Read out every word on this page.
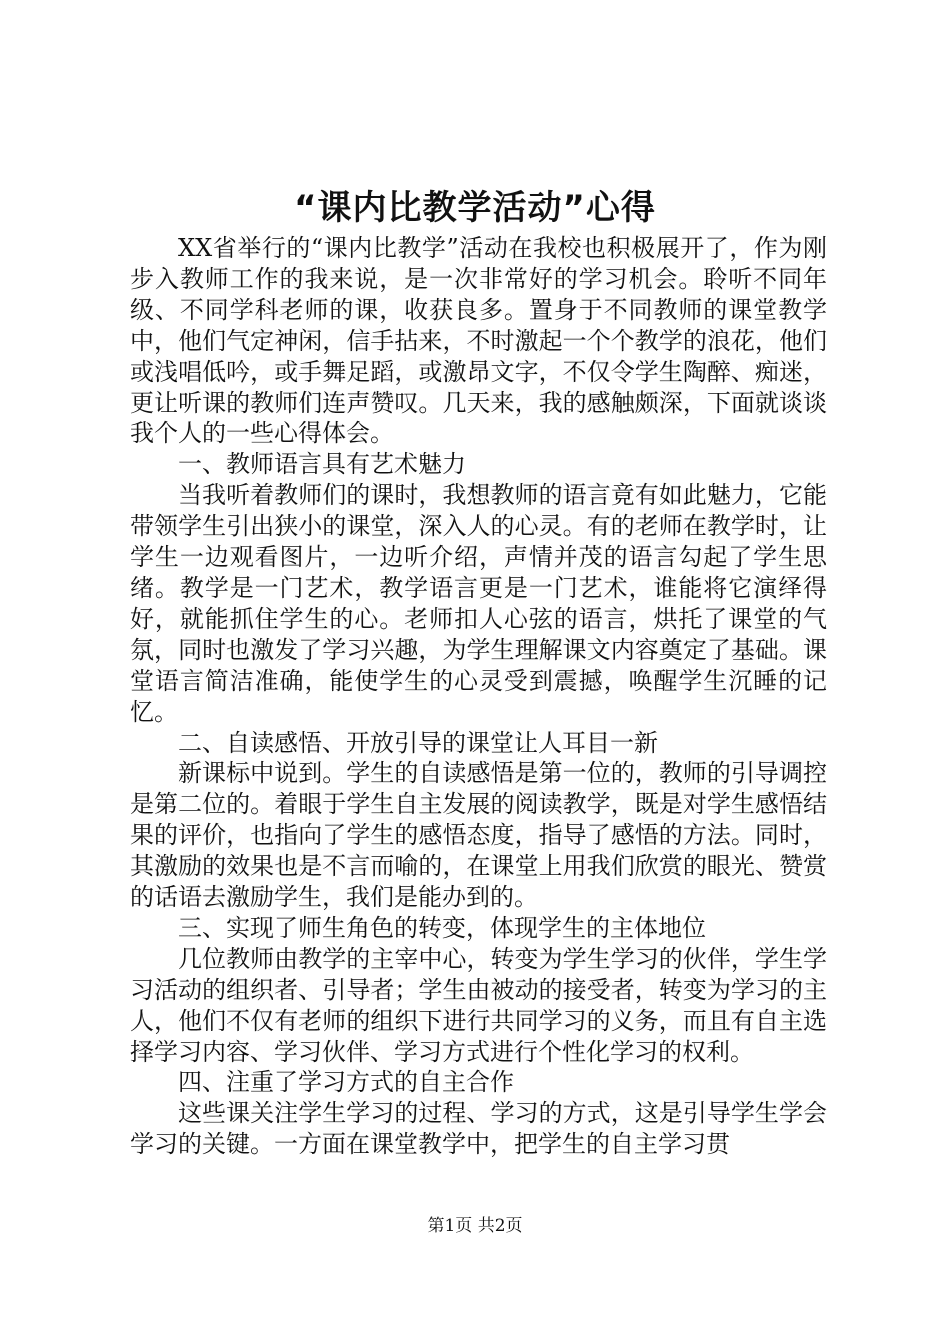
“课内比教学活动”心得

XX省举行的“课内比教学”活动在我校也积极展开了，作为刚步入教师工作的我来说，是一次非常好的学习机会。聆听不同年级、不同学科老师的课，收获良多。置身于不同教师的课堂教学中，他们气定神闲，信手拈来，不时激起一个个教学的浪花，他们或浅唱低吟，或手舞足蹈，或激昂文字，不仅令学生陶醉、痴迷，更让听课的教师们连声赞叹。几天来，我的感触颇深，下面就谈谈我个人的一些心得体会。

一、教师语言具有艺术魅力

当我听着教师们的课时，我想教师的语言竟有如此魅力，它能带领学生引出狭小的课堂，深入人的心灵。有的老师在教学时，让学生一边观看图片，一边听介绍，声情并茂的语言勾起了学生思绪。教学是一门艺术，教学语言更是一门艺术，谁能将它演绎得好，就能抓住学生的心。老师扣人心弦的语言，烘托了课堂的气氛，同时也激发了学习兴趣，为学生理解课文内容奠定了基础。课堂语言简洁准确，能使学生的心灵受到震撼，唤醒学生沉睡的记忆。

二、自读感悟、开放引导的课堂让人耳目一新

新课标中说到。学生的自读感悟是第一位的，教师的引导调控是第二位的。着眼于学生自主发展的阅读教学，既是对学生感悟结果的评价，也指向了学生的感悟态度，指导了感悟的方法。同时，其激励的效果也是不言而喻的，在课堂上用我们欣赏的眼光、赞赏的话语去激励学生，我们是能办到的。

三、实现了师生角色的转变，体现学生的主体地位

几位教师由教学的主宰中心，转变为学生学习的伙伴，学生学习活动的组织者、引导者；学生由被动的接受者，转变为学习的主人，他们不仅有老师的组织下进行共同学习的义务，而且有自主选择学习内容、学习伙伴、学习方式进行个性化学习的权利。

四、注重了学习方式的自主合作

这些课关注学生学习的过程、学习的方式，这是引导学生学会学习的关键。一方面在课堂教学中，把学生的自主学习贯

第1页 共2页
